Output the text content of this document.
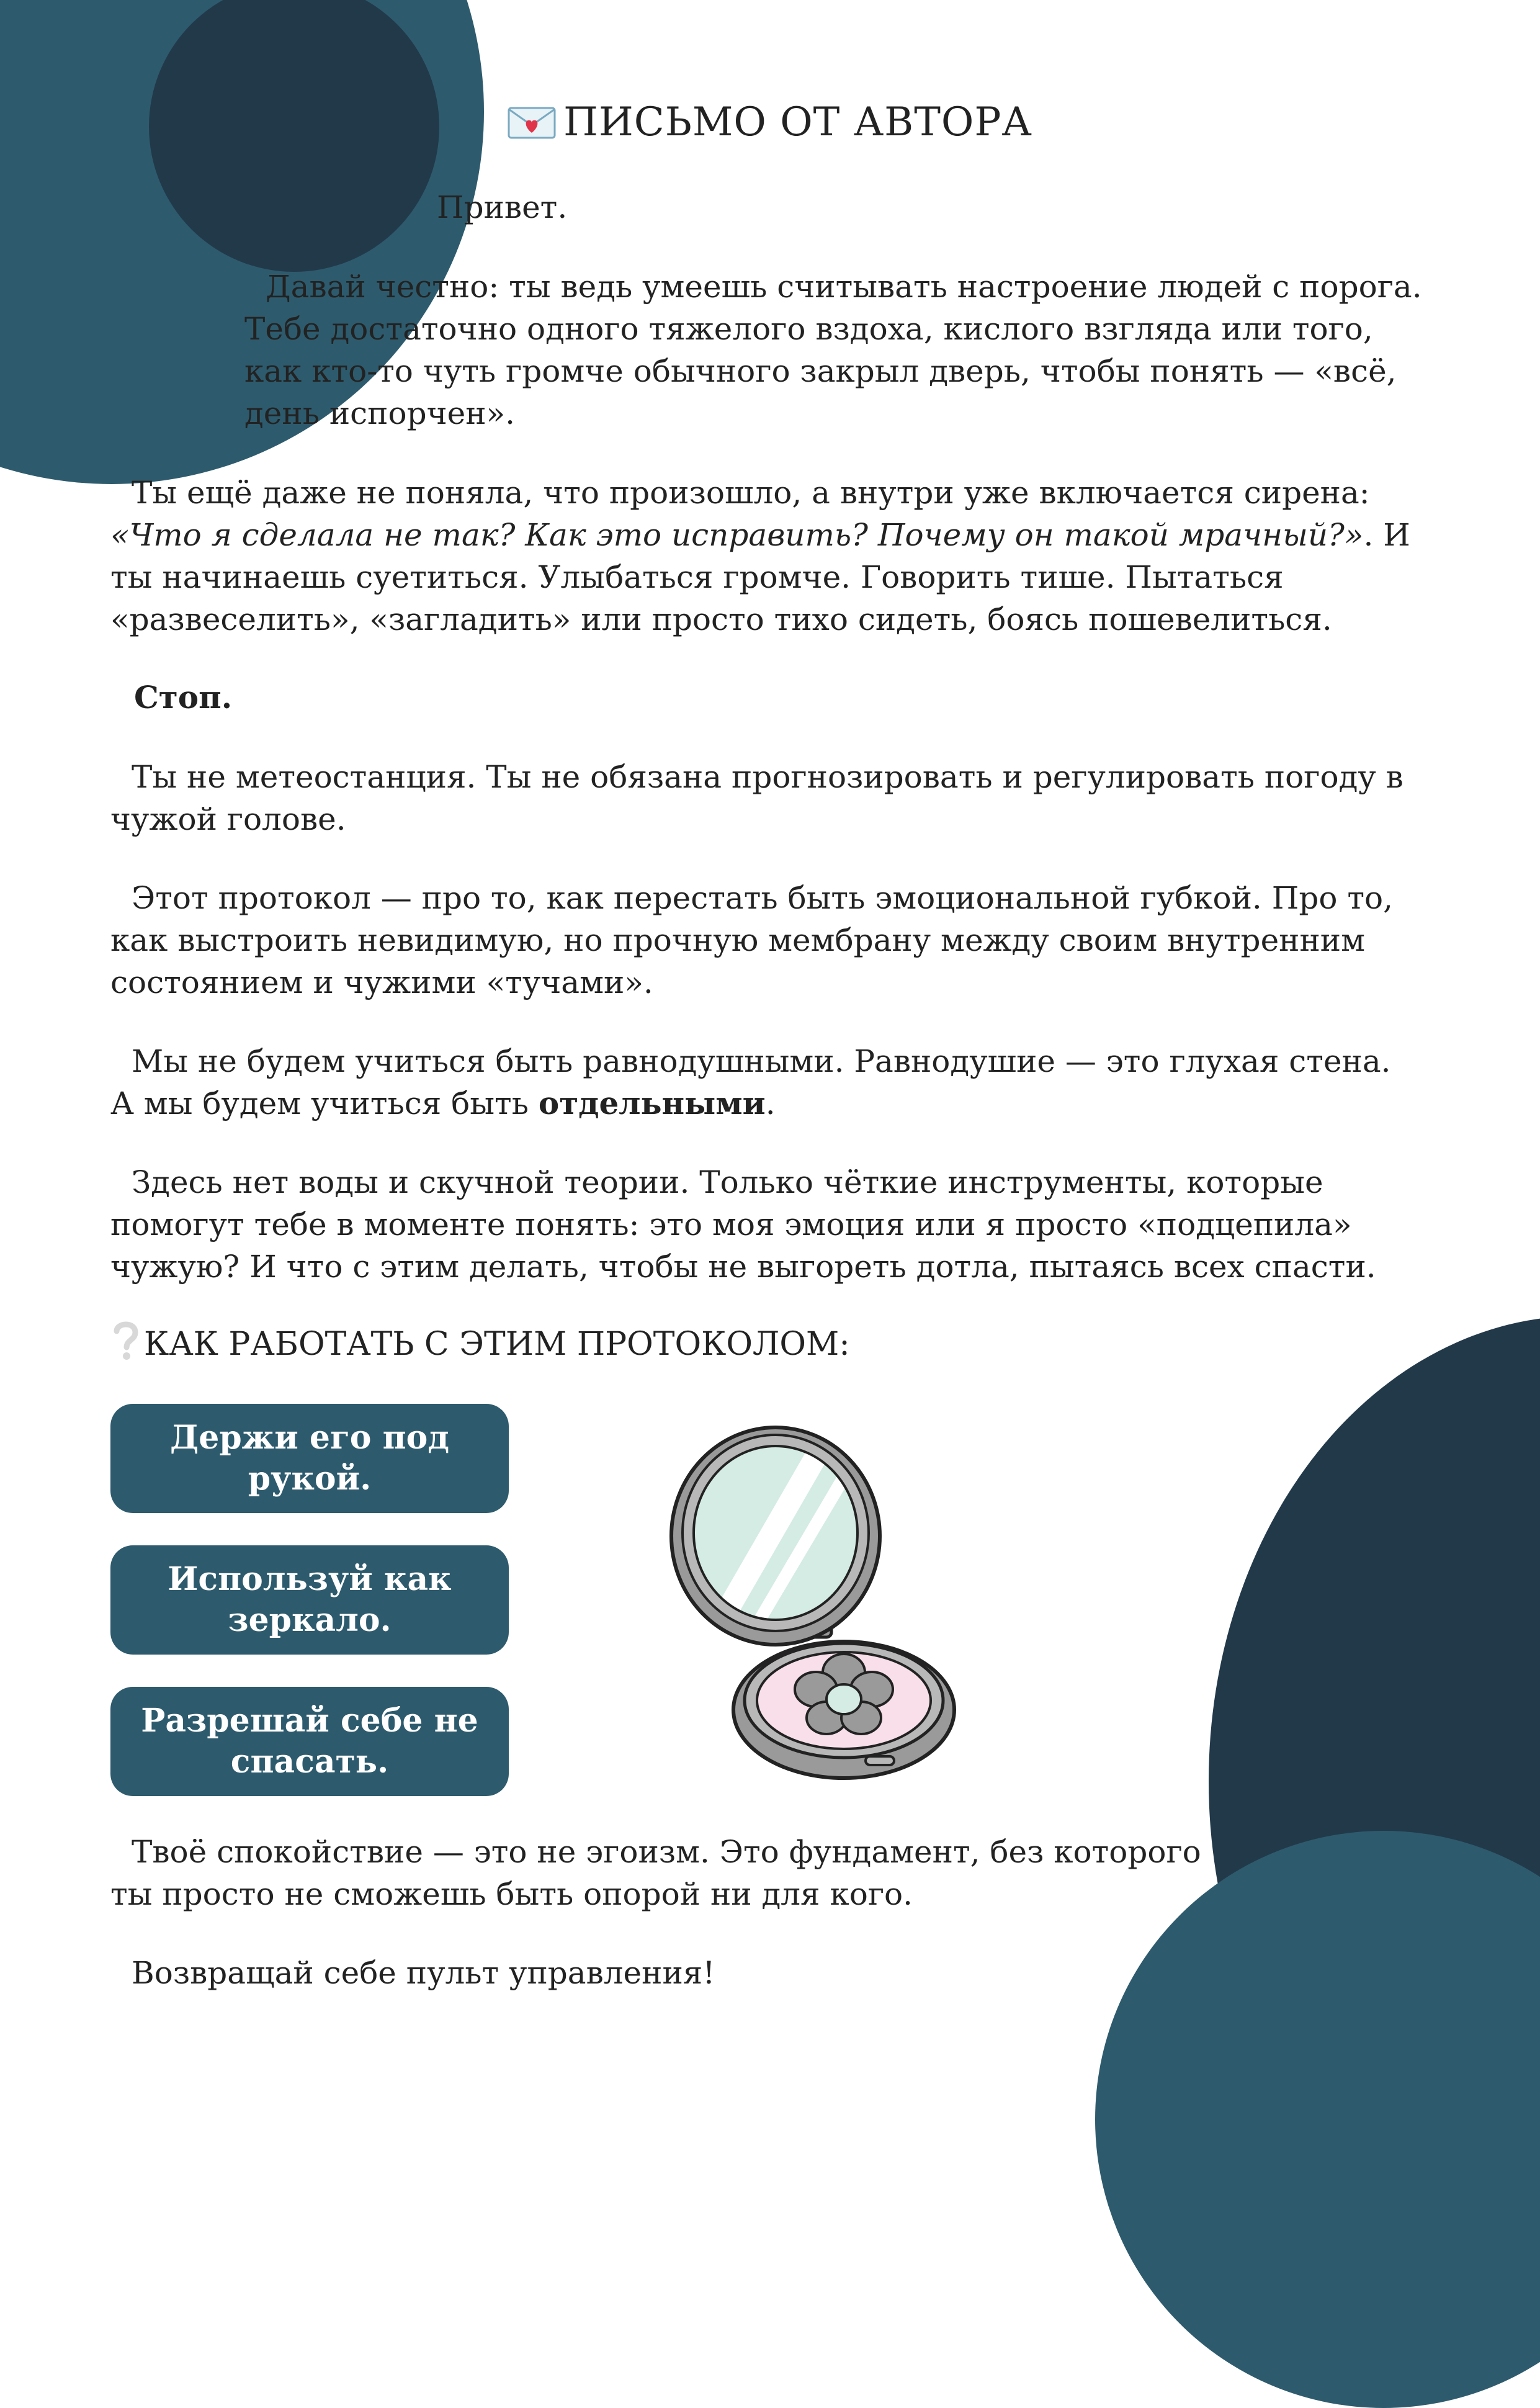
ПИСЬМО ОТ АВТОРА

Привет.

Давай честно: ты ведь умеешь считывать настроение людей с порога. Тебе достаточно одного тяжелого вздоха, кислого взгляда или того, как кто-то чуть громче обычного закрыл дверь, чтобы понять — «всё, день испорчен».

Ты ещё даже не поняла, что произошло, а внутри уже включается сирена: «Что я сделала не так? Как это исправить? Почему он такой мрачный?». И ты начинаешь суетиться. Улыбаться громче. Говорить тише. Пытаться «развеселить», «загладить» или просто тихо сидеть, боясь пошевелиться.

Стоп.

Ты не метеостанция. Ты не обязана прогнозировать и регулировать погоду в чужой голове.

Этот протокол — про то, как перестать быть эмоциональной губкой. Про то, как выстроить невидимую, но прочную мембрану между своим внутренним состоянием и чужими «тучами».

Мы не будем учиться быть равнодушными. Равнодушие — это глухая стена. А мы будем учиться быть отдельными.

Здесь нет воды и скучной теории. Только чёткие инструменты, которые помогут тебе в моменте понять: это моя эмоция или я просто «подцепила» чужую? И что с этим делать, чтобы не выгореть дотла, пытаясь всех спасти.

КАК РАБОТАТЬ С ЭТИМ ПРОТОКОЛОМ:
Держи его под рукой.
Используй как зеркало.
Разрешай себе не спасать.

Твоё спокойствие — это не эгоизм. Это фундамент, без которого ты просто не сможешь быть опорой ни для кого.

Возвращай себе пульт управления!
